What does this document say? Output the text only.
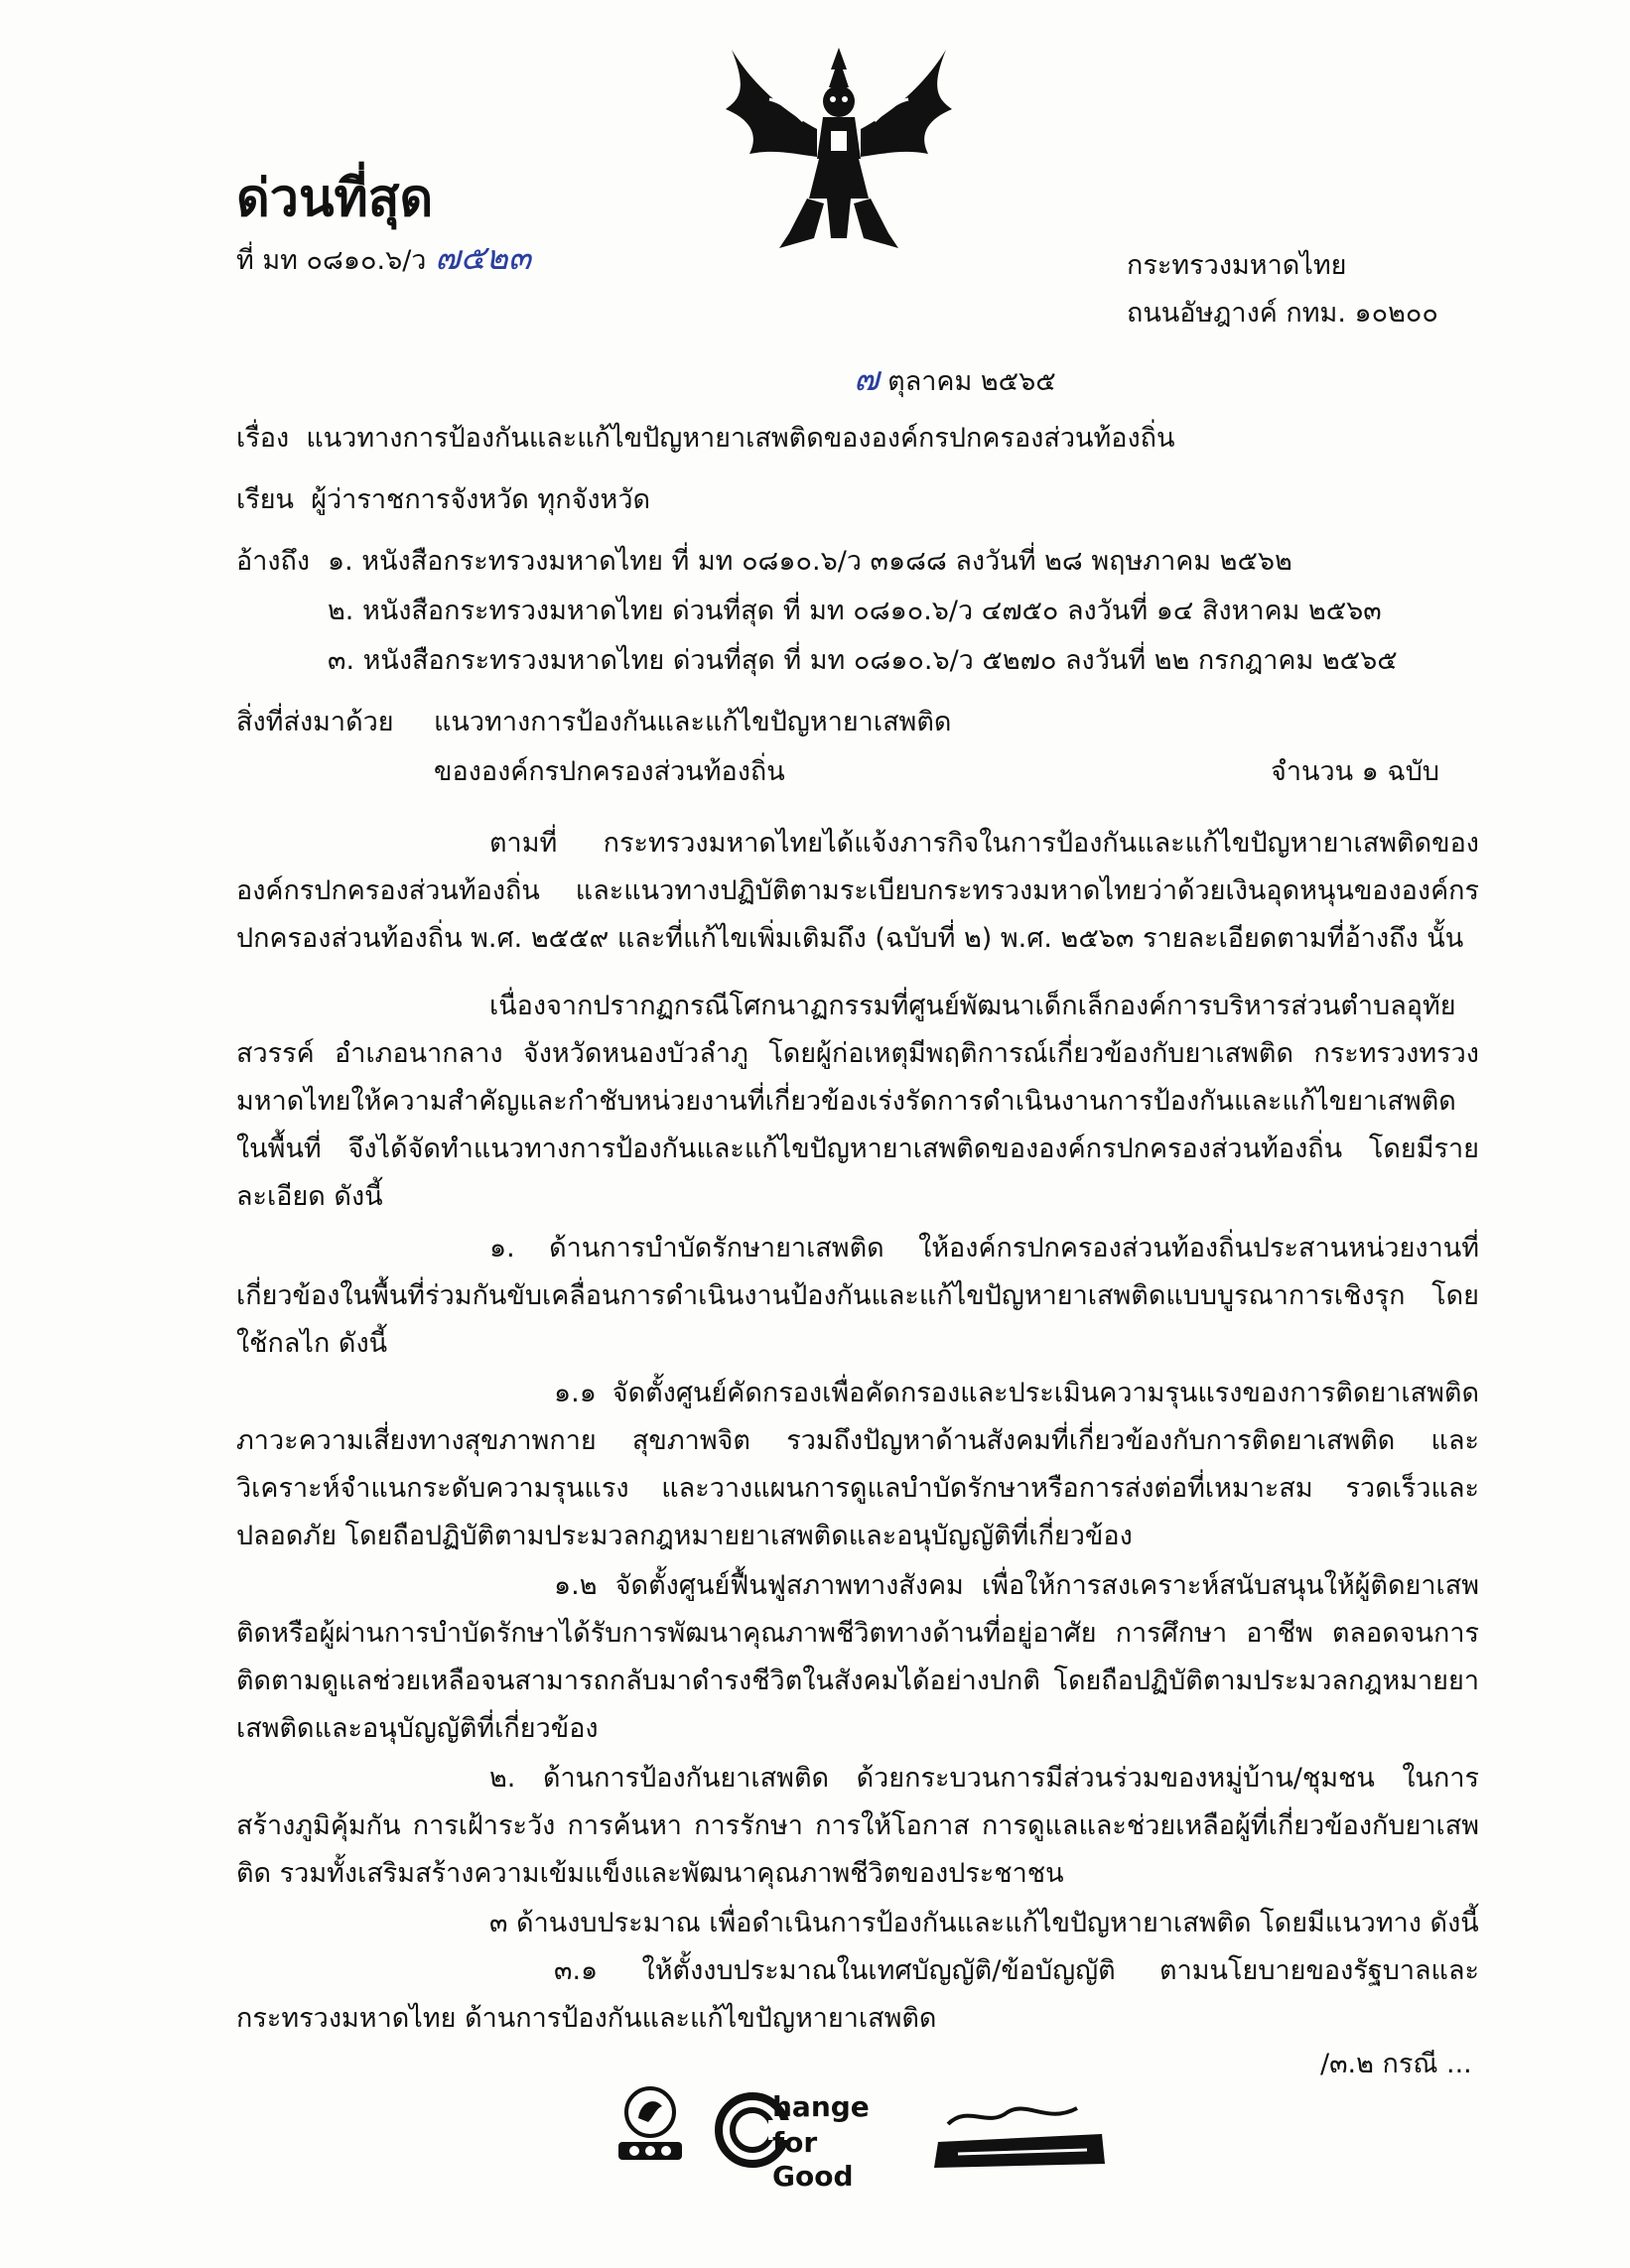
ด่วนที่สุด
ที่ มท ๐๘๑๐.๖/ว ๗๕๒๓	กระทรวงมหาดไทย
ถนนอัษฎางค์ กทม. ๑๐๒๐๐
๗ ตุลาคม ๒๕๖๕
เรื่อง แนวทางการป้องกันและแก้ไขปัญหายาเสพติดขององค์กรปกครองส่วนท้องถิ่น
เรียน ผู้ว่าราชการจังหวัด ทุกจังหวัด
อ้างถึง ๑. หนังสือกระทรวงมหาดไทย ที่ มท ๐๘๑๐.๖/ว ๓๑๘๘ ลงวันที่ ๒๘ พฤษภาคม ๒๕๖๒
๒. หนังสือกระทรวงมหาดไทย ด่วนที่สุด ที่ มท ๐๘๑๐.๖/ว ๔๗๕๐ ลงวันที่ ๑๔ สิงหาคม ๒๕๖๓
๓. หนังสือกระทรวงมหาดไทย ด่วนที่สุด ที่ มท ๐๘๑๐.๖/ว ๕๒๗๐ ลงวันที่ ๒๒ กรกฎาคม ๒๕๖๕
สิ่งที่ส่งมาด้วย แนวทางการป้องกันและแก้ไขปัญหายาเสพติด
ขององค์กรปกครองส่วนท้องถิ่น	จำนวน ๑ ฉบับ

ตามที่ กระทรวงมหาดไทยได้แจ้งภารกิจในการป้องกันและแก้ไขปัญหายาเสพติดขององค์กรปกครองส่วนท้องถิ่น และแนวทางปฏิบัติตามระเบียบกระทรวงมหาดไทยว่าด้วยเงินอุดหนุนขององค์กรปกครองส่วนท้องถิ่น พ.ศ. ๒๕๕๙ และที่แก้ไขเพิ่มเติมถึง (ฉบับที่ ๒) พ.ศ. ๒๕๖๓ รายละเอียดตามที่อ้างถึง นั้น

เนื่องจากปรากฏกรณีโศกนาฏกรรมที่ศูนย์พัฒนาเด็กเล็กองค์การบริหารส่วนตำบลอุทัยสวรรค์ อำเภอนากลาง จังหวัดหนองบัวลำภู โดยผู้ก่อเหตุมีพฤติการณ์เกี่ยวข้องกับยาเสพติด กระทรวงทรวงมหาดไทยให้ความสำคัญและกำชับหน่วยงานที่เกี่ยวข้องเร่งรัดการดำเนินงานการป้องกันและแก้ไขยาเสพติดในพื้นที่ จึงได้จัดทำแนวทางการป้องกันและแก้ไขปัญหายาเสพติดขององค์กรปกครองส่วนท้องถิ่น โดยมีรายละเอียด ดังนี้

๑. ด้านการบำบัดรักษายาเสพติด ให้องค์กรปกครองส่วนท้องถิ่นประสานหน่วยงานที่เกี่ยวข้องในพื้นที่ร่วมกันขับเคลื่อนการดำเนินงานป้องกันและแก้ไขปัญหายาเสพติดแบบบูรณาการเชิงรุก โดยใช้กลไก ดังนี้

๑.๑ จัดตั้งศูนย์คัดกรองเพื่อคัดกรองและประเมินความรุนแรงของการติดยาเสพติด ภาวะความเสี่ยงทางสุขภาพกาย สุขภาพจิต รวมถึงปัญหาด้านสังคมที่เกี่ยวข้องกับการติดยาเสพติด และวิเคราะห์จำแนกระดับความรุนแรง และวางแผนการดูแลบำบัดรักษาหรือการส่งต่อที่เหมาะสม รวดเร็วและปลอดภัย โดยถือปฏิบัติตามประมวลกฎหมายยาเสพติดและอนุบัญญัติที่เกี่ยวข้อง

๑.๒ จัดตั้งศูนย์ฟื้นฟูสภาพทางสังคม เพื่อให้การสงเคราะห์สนับสนุนให้ผู้ติดยาเสพติดหรือผู้ผ่านการบำบัดรักษาได้รับการพัฒนาคุณภาพชีวิตทางด้านที่อยู่อาศัย การศึกษา อาชีพ ตลอดจนการติดตามดูแลช่วยเหลือจนสามารถกลับมาดำรงชีวิตในสังคมได้อย่างปกติ โดยถือปฏิบัติตามประมวลกฎหมายยาเสพติดและอนุบัญญัติที่เกี่ยวข้อง

๒. ด้านการป้องกันยาเสพติด ด้วยกระบวนการมีส่วนร่วมของหมู่บ้าน/ชุมชน ในการสร้างภูมิคุ้มกัน การเฝ้าระวัง การค้นหา การรักษา การให้โอกาส การดูแลและช่วยเหลือผู้ที่เกี่ยวข้องกับยาเสพติด รวมทั้งเสริมสร้างความเข้มแข็งและพัฒนาคุณภาพชีวิตของประชาชน

๓ ด้านงบประมาณ เพื่อดำเนินการป้องกันและแก้ไขปัญหายาเสพติด โดยมีแนวทาง ดังนี้

๓.๑ ให้ตั้งงบประมาณในเทศบัญญัติ/ข้อบัญญัติ ตามนโยบายของรัฐบาลและกระทรวงมหาดไทย ด้านการป้องกันและแก้ไขปัญหายาเสพติด

/๓.๒ กรณี ...
hange
for Good
